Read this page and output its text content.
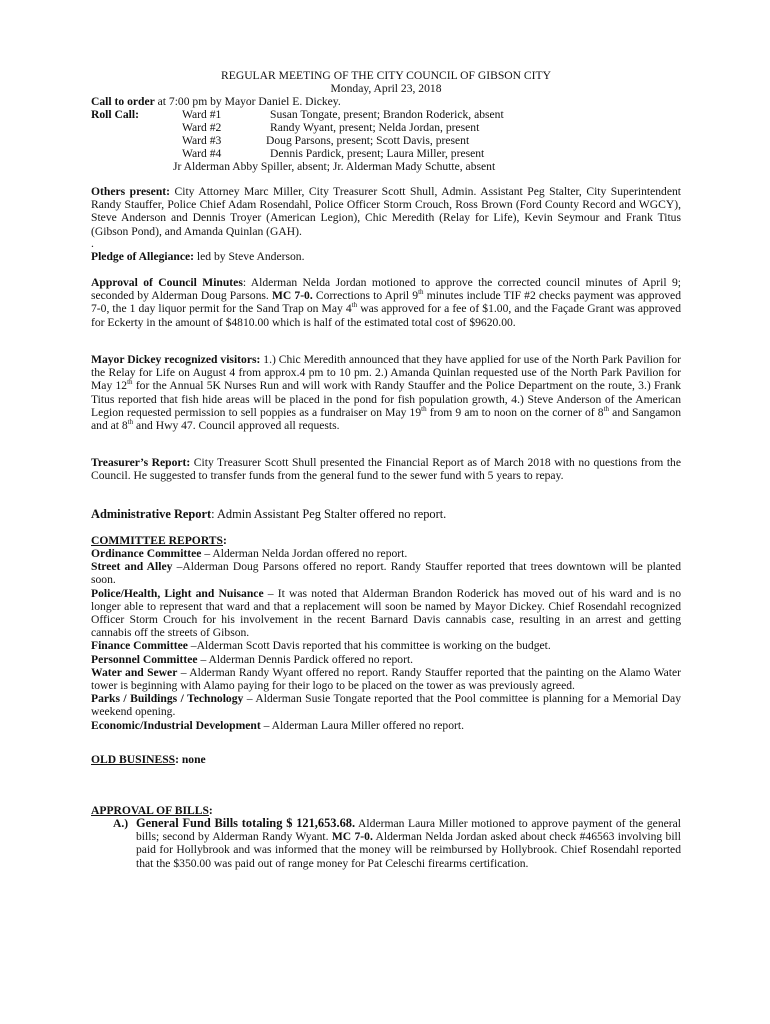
REGULAR MEETING OF THE CITY COUNCIL OF GIBSON CITY
Monday, April 23, 2018
Call to order at 7:00 pm by Mayor Daniel E. Dickey.
Roll Call:	Ward #1	Susan Tongate, present; Brandon Roderick, absent
Ward #2	Randy Wyant, present; Nelda Jordan, present
Ward #3	Doug Parsons, present; Scott Davis, present
Ward #4	Dennis Pardick, present; Laura Miller, present
Jr Alderman Abby Spiller, absent; Jr. Alderman Mady Schutte, absent
Others present: City Attorney Marc Miller, City Treasurer Scott Shull, Admin. Assistant Peg Stalter, City Superintendent Randy Stauffer, Police Chief Adam Rosendahl, Police Officer Storm Crouch, Ross Brown (Ford County Record and WGCY), Steve Anderson and Dennis Troyer (American Legion), Chic Meredith (Relay for Life), Kevin Seymour and Frank Titus (Gibson Pond), and Amanda Quinlan (GAH).
.
Pledge of Allegiance: led by Steve Anderson.
Approval of Council Minutes: Alderman Nelda Jordan motioned to approve the corrected council minutes of April 9; seconded by Alderman Doug Parsons. MC 7-0. Corrections to April 9th minutes include TIF #2 checks payment was approved 7-0, the 1 day liquor permit for the Sand Trap on May 4th was approved for a fee of $1.00, and the Façade Grant was approved for Eckerty in the amount of $4810.00 which is half of the estimated total cost of $9620.00.
Mayor Dickey recognized visitors: 1.) Chic Meredith announced that they have applied for use of the North Park Pavilion for the Relay for Life on August 4 from approx.4 pm to 10 pm. 2.) Amanda Quinlan requested use of the North Park Pavilion for May 12th for the Annual 5K Nurses Run and will work with Randy Stauffer and the Police Department on the route, 3.) Frank Titus reported that fish hide areas will be placed in the pond for fish population growth, 4.) Steve Anderson of the American Legion requested permission to sell poppies as a fundraiser on May 19th from 9 am to noon on the corner of 8th and Sangamon and at 8th and Hwy 47. Council approved all requests.
Treasurer’s Report: City Treasurer Scott Shull presented the Financial Report as of March 2018 with no questions from the Council. He suggested to transfer funds from the general fund to the sewer fund with 5 years to repay.
Administrative Report: Admin Assistant Peg Stalter offered no report.
COMMITTEE REPORTS:
Ordinance Committee – Alderman Nelda Jordan offered no report.
Street and Alley –Alderman Doug Parsons offered no report. Randy Stauffer reported that trees downtown will be planted soon.
Police/Health, Light and Nuisance – It was noted that Alderman Brandon Roderick has moved out of his ward and is no longer able to represent that ward and that a replacement will soon be named by Mayor Dickey. Chief Rosendahl recognized Officer Storm Crouch for his involvement in the recent Barnard Davis cannabis case, resulting in an arrest and getting cannabis off the streets of Gibson.
Finance Committee –Alderman Scott Davis reported that his committee is working on the budget.
Personnel Committee – Alderman Dennis Pardick offered no report.
Water and Sewer – Alderman Randy Wyant offered no report. Randy Stauffer reported that the painting on the Alamo Water tower is beginning with Alamo paying for their logo to be placed on the tower as was previously agreed.
Parks / Buildings / Technology – Alderman Susie Tongate reported that the Pool committee is planning for a Memorial Day weekend opening.
Economic/Industrial Development – Alderman Laura Miller offered no report.
OLD BUSINESS: none
APPROVAL OF BILLS:
A.) General Fund Bills totaling $ 121,653.68. Alderman Laura Miller motioned to approve payment of the general bills; second by Alderman Randy Wyant. MC 7-0. Alderman Nelda Jordan asked about check #46563 involving bill paid for Hollybrook and was informed that the money will be reimbursed by Hollybrook. Chief Rosendahl reported that the $350.00 was paid out of range money for Pat Celeschi firearms certification.
